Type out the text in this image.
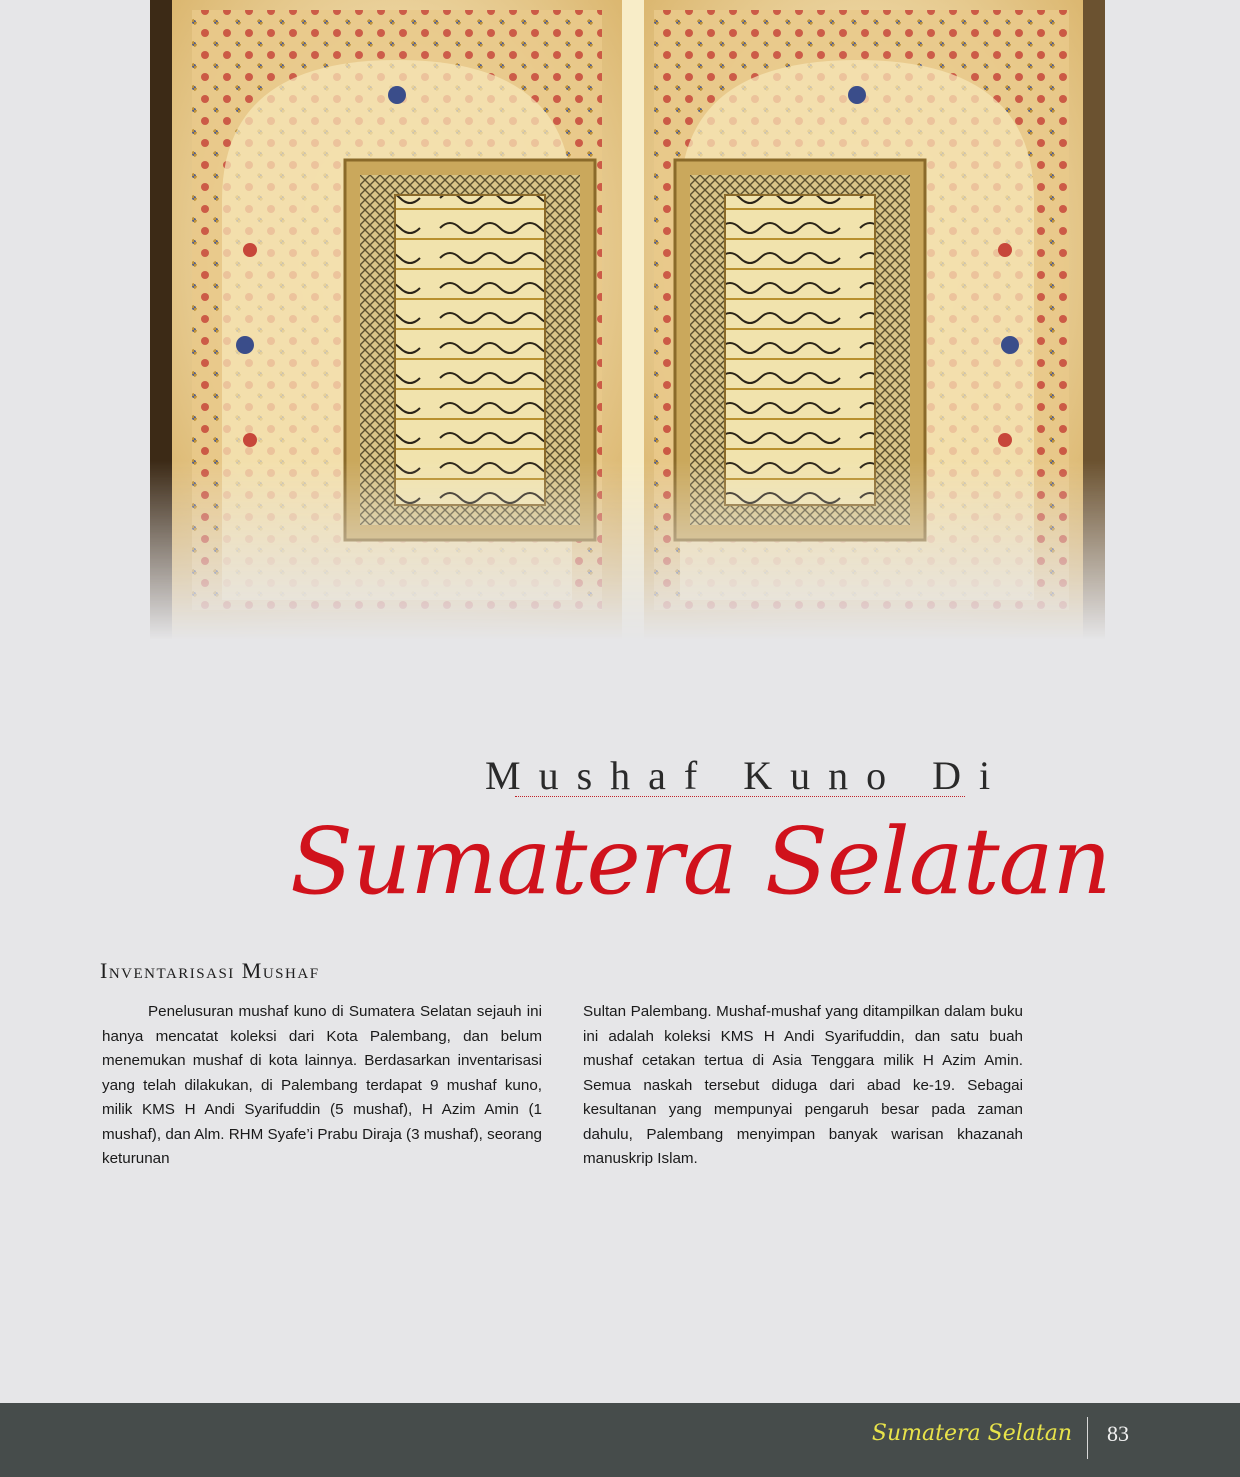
Mushaf Kuno Di
Sumatera Selatan
Inventarisasi Mushaf

Penelusuran mushaf kuno di Sumatera Selatan sejauh ini hanya mencatat koleksi dari Kota Palembang, dan belum menemukan mushaf di kota lainnya. Berdasarkan inventarisasi yang telah dilakukan, di Palembang terdapat 9 mushaf kuno, milik KMS H Andi Syarifuddin (5 mushaf), H Azim Amin (1 mushaf), dan Alm. RHM Syafe’i Prabu Diraja (3 mushaf), seorang keturunan

Sultan Palembang. Mushaf-mushaf yang ditampilkan dalam buku ini adalah koleksi KMS H Andi Syarifuddin, dan satu buah mushaf cetakan tertua di Asia Tenggara milik H Azim Amin. Semua naskah tersebut diduga dari abad ke-19. Sebagai kesultanan yang mempunyai pengaruh besar pada zaman dahulu, Palembang menyimpan banyak warisan khazanah manuskrip Islam.

Sumatera Selatan 83
